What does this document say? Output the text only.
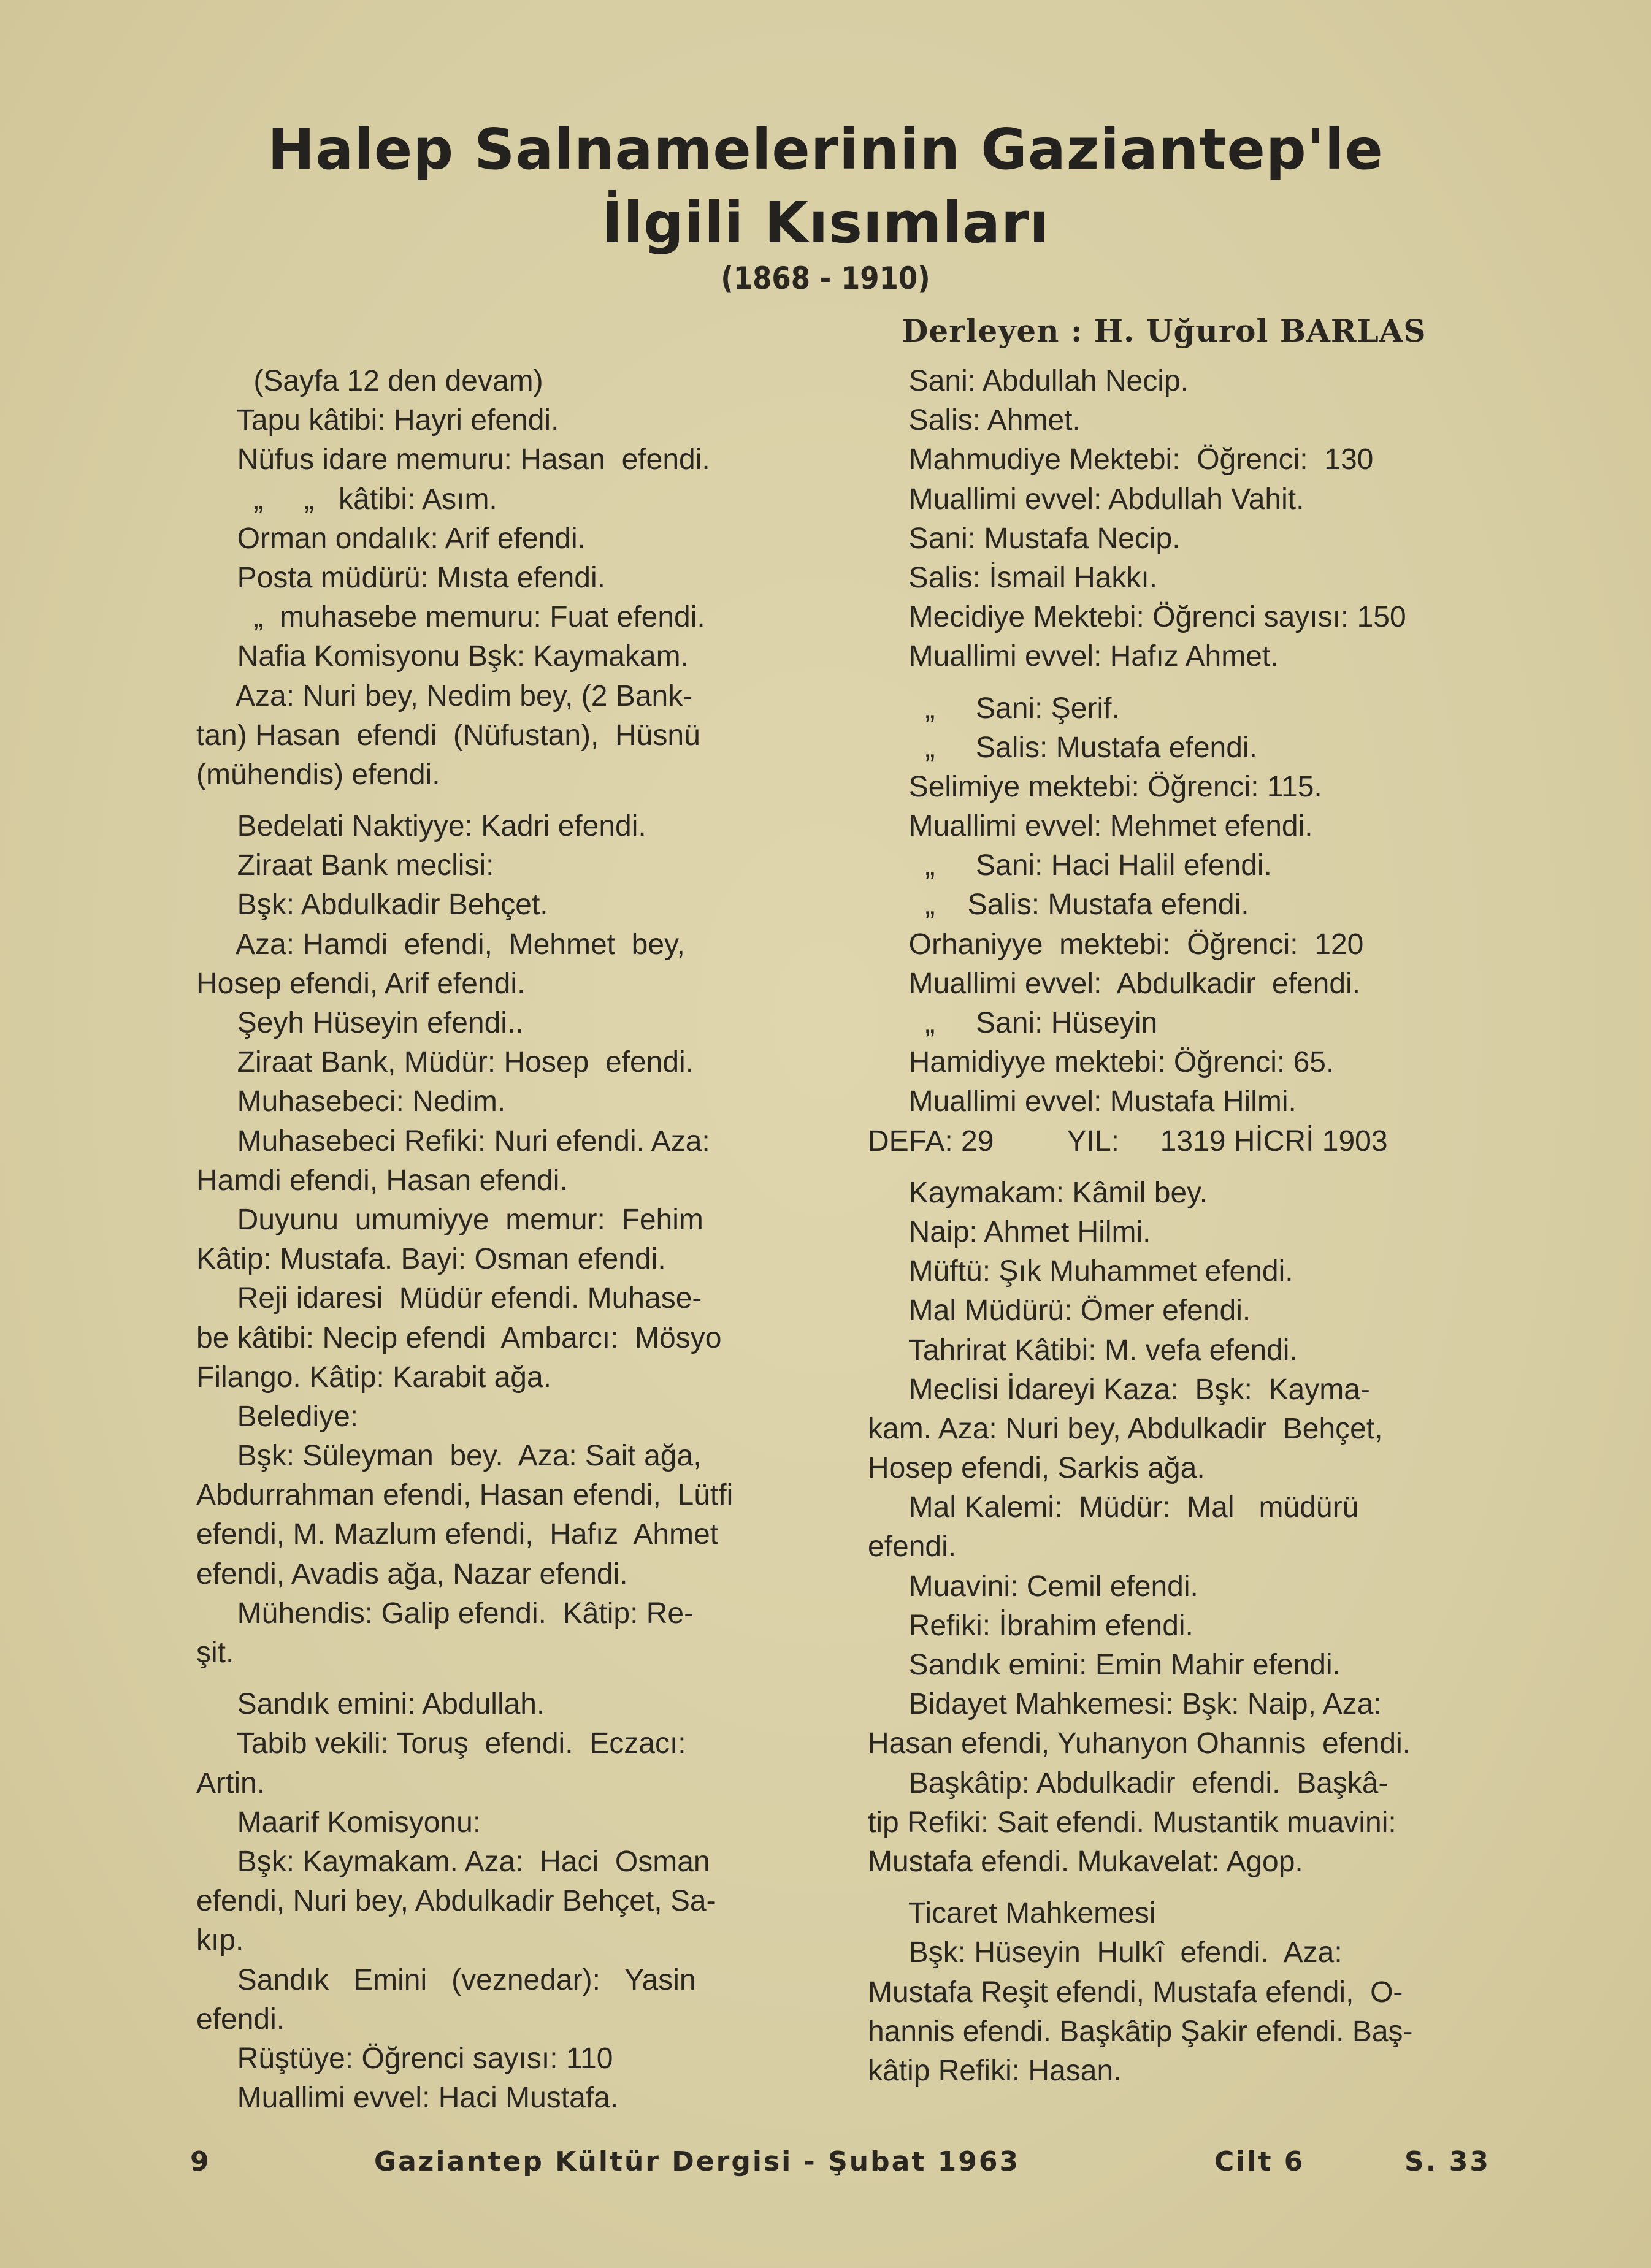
Halep Salnamelerinin Gaziantep'le
İlgili Kısımları
(1868 - 1910)
Derleyen : H. Uğurol BARLAS
(Sayfa 12 den devam)
Tapu kâtibi: Hayri efendi.
Nüfus idare memuru: Hasan  efendi.
„     „   kâtibi: Asım.
Orman ondalık: Arif efendi.
Posta müdürü: Mısta efendi.
„  muhasebe memuru: Fuat efendi.
Nafia Komisyonu Bşk: Kaymakam.
Aza: Nuri bey, Nedim bey, (2 Bank-
tan) Hasan  efendi  (Nüfustan),  Hüsnü
(mühendis) efendi.
Bedelati Naktiyye: Kadri efendi.
Ziraat Bank meclisi:
Bşk: Abdulkadir Behçet.
Aza: Hamdi  efendi,  Mehmet  bey,
Hosep efendi, Arif efendi.
Şeyh Hüseyin efendi..
Ziraat Bank, Müdür: Hosep  efendi.
Muhasebeci: Nedim.
Muhasebeci Refiki: Nuri efendi. Aza:
Hamdi efendi, Hasan efendi.
Duyunu  umumiyye  memur:  Fehim
Kâtip: Mustafa. Bayi: Osman efendi.
Reji idaresi  Müdür efendi. Muhase-
be kâtibi: Necip efendi  Ambarcı:  Mösyo
Filango. Kâtip: Karabit ağa.
Belediye:
Bşk: Süleyman  bey.  Aza: Sait ağa,
Abdurrahman efendi, Hasan efendi,  Lütfi
efendi, M. Mazlum efendi,  Hafız  Ahmet
efendi, Avadis ağa, Nazar efendi.
Mühendis: Galip efendi.  Kâtip: Re-
şit.
Sandık emini: Abdullah.
Tabib vekili: Toruş  efendi.  Eczacı:
Artin.
Maarif Komisyonu:
Bşk: Kaymakam. Aza:  Haci  Osman
efendi, Nuri bey, Abdulkadir Behçet, Sa-
kıp.
Sandık   Emini   (veznedar):   Yasin
efendi.
Rüştüye: Öğrenci sayısı: 110
Muallimi evvel: Haci Mustafa.
Sani: Abdullah Necip.
Salis: Ahmet.
Mahmudiye Mektebi:  Öğrenci:  130
Muallimi evvel: Abdullah Vahit.
Sani: Mustafa Necip.
Salis: İsmail Hakkı.
Mecidiye Mektebi: Öğrenci sayısı: 150
Muallimi evvel: Hafız Ahmet.
„     Sani: Şerif.
„     Salis: Mustafa efendi.
Selimiye mektebi: Öğrenci: 115.
Muallimi evvel: Mehmet efendi.
„     Sani: Haci Halil efendi.
„    Salis: Mustafa efendi.
Orhaniyye  mektebi:  Öğrenci:  120
Muallimi evvel:  Abdulkadir  efendi.
„     Sani: Hüseyin
Hamidiyye mektebi: Öğrenci: 65.
Muallimi evvel: Mustafa Hilmi.
DEFA: 29         YIL:     1319 HİCRİ 1903
Kaymakam: Kâmil bey.
Naip: Ahmet Hilmi.
Müftü: Şık Muhammet efendi.
Mal Müdürü: Ömer efendi.
Tahrirat Kâtibi: M. vefa efendi.
Meclisi İdareyi Kaza:  Bşk:  Kayma-
kam. Aza: Nuri bey, Abdulkadir  Behçet,
Hosep efendi, Sarkis ağa.
Mal Kalemi:  Müdür:  Mal   müdürü
efendi.
Muavini: Cemil efendi.
Refiki: İbrahim efendi.
Sandık emini: Emin Mahir efendi.
Bidayet Mahkemesi: Bşk: Naip, Aza:
Hasan efendi, Yuhanyon Ohannis  efendi.
Başkâtip: Abdulkadir  efendi.  Başkâ-
tip Refiki: Sait efendi. Mustantik muavini:
Mustafa efendi. Mukavelat: Agop.
Ticaret Mahkemesi
Bşk: Hüseyin  Hulkî  efendi.  Aza:
Mustafa Reşit efendi, Mustafa efendi,  O-
hannis efendi. Başkâtip Şakir efendi. Baş-
kâtip Refiki: Hasan.
9	Gaziantep Kültür Dergisi - Şubat 1963	Cilt 6	S. 33
